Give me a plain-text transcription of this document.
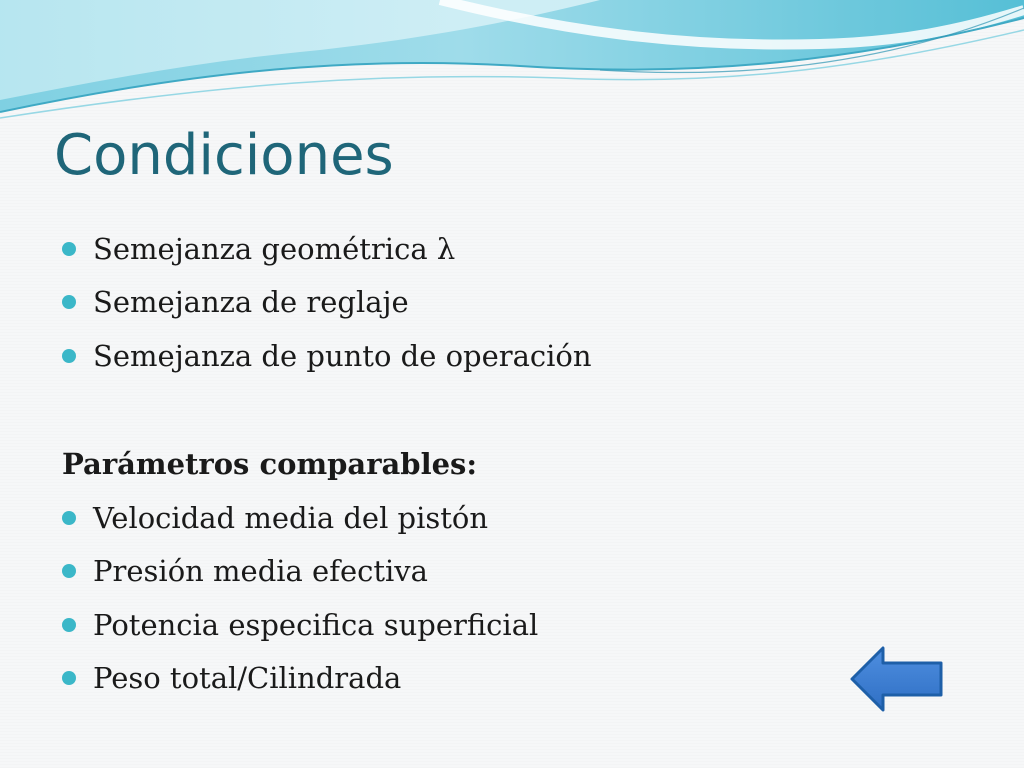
Condiciones
Semejanza geométrica λ
Semejanza de reglaje
Semejanza de punto de operación
Parámetros comparables:
Velocidad media del pistón
Presión media efectiva
Potencia especifica superficial
Peso total/Cilindrada
